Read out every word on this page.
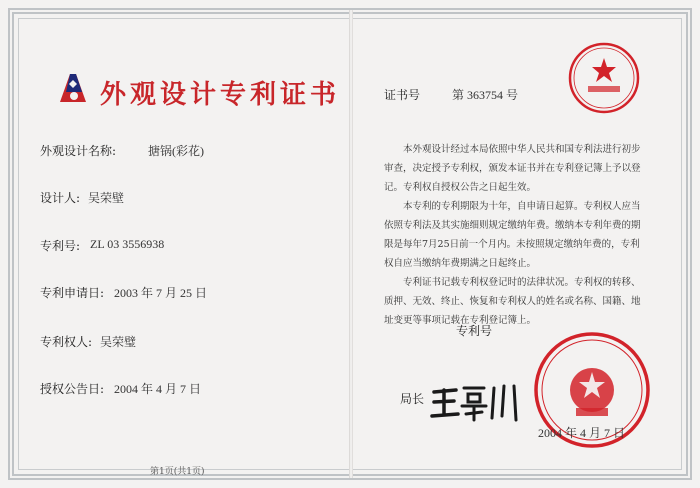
外观设计专利证书
外观设计名称:	搪锅(彩花)
设计人: 吴荣壁
专利号: ZL 03 3556938
专利申请日: 2003 年 7 月 25 日
专利权人: 吴荣璧
授权公告日: 2004 年 4 月 7 日
第1页(共1页)
证书号	第 363754 号

本外观设计经过本局依照中华人民共和国专利法进行初步审查，决定授予专利权，颁发本证书并在专利登记簿上予以登记。专利权自授权公告之日起生效。

本专利的专利期限为十年，自申请日起算。专利权人应当依照专利法及其实施细则规定缴纳年费。缴纳本专利年费的期限是每年7月25日前一个月内。未按照规定缴纳年费的，专利权自应当缴纳年费期满之日起终止。

专利证书记载专利权登记时的法律状况。专利权的转移、质押、无效、终止、恢复和专利权人的姓名或名称、国籍、地址变更等事项记载在专利登记簿上。

专利号
局长
2004 年 4 月 7 日
